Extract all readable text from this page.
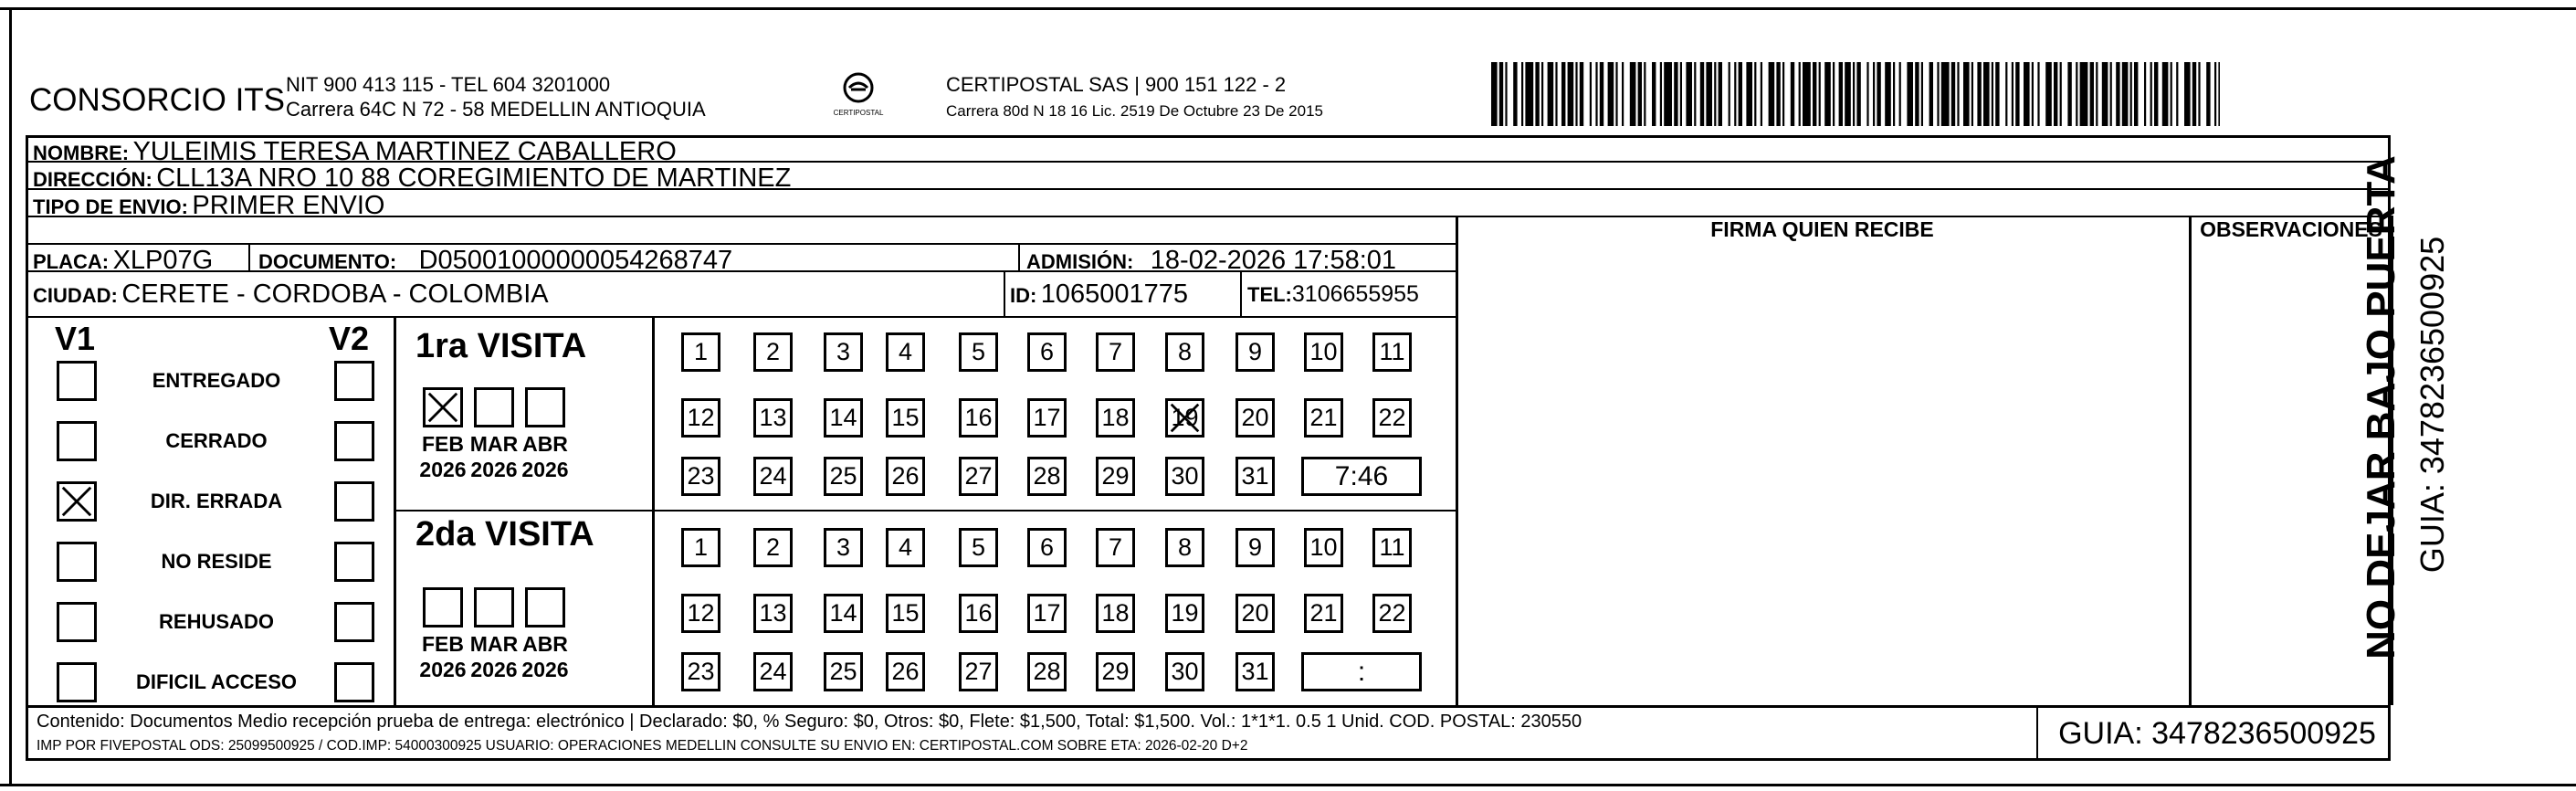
CONSORCIO ITS NIT 900 413 115 - TEL 604 3201000
Carrera 64C N 72 - 58 MEDELLIN ANTIOQUIA	CERTIPOSTAL
CERTIPOSTAL SAS | 900 151 122 - 2
Carrera 80d N 18 16 Lic. 2519 De Octubre 23 De 2015
NOMBRE: YULEIMIS TERESA MARTINEZ CABALLERO
DIRECCIÓN: CLL13A NRO 10 88 COREGIMIENTO DE MARTINEZ
TIPO DE ENVIO: PRIMER ENVIO
FIRMA QUIEN RECIBE	OBSERVACIONES
PLACA: XLP07G DOCUMENTO: D05001000000054268747	ADMISIÓN: 18-02-2026 17:58:01
CIUDAD: CERETE - CORDOBA - COLOMBIA	ID: 1065001775	TEL:3106655955
V1	V2
ENTREGADO
CERRADO
DIR. ERRADA
NO RESIDE
REHUSADO
DIFICIL ACCESO
1ra VISITA
FEB
2026
MAR
2026
ABR
2026
1 2 3 4 5 6 7 8 9 10 11
12 13 14 15 16 17 18 19 20 21 22
23 24 25 26 27 28 29 30 31 7:46
2da VISITA
FEB
2026
MAR
2026
ABR
2026
1 2 3 4 5 6 7 8 9 10 11
12 13 14 15 16 17 18 19 20 21 22
23 24 25 26 27 28 29 30 31	:
Contenido: Documentos Medio recepción prueba de entrega: electrónico | Declarado: $0, % Seguro: $0, Otros: $0, Flete: $1,500, Total: $1,500. Vol.: 1*1*1. 0.5 1 Unid. COD. POSTAL: 230550
IMP POR FIVEPOSTAL ODS: 25099500925 / COD.IMP: 54000300925 USUARIO: OPERACIONES MEDELLIN CONSULTE SU ENVIO EN: CERTIPOSTAL.COM SOBRE ETA: 2026-02-20 D+2	GUIA: 3478236500925
NO DEJAR BAJO PUERTA GUIA: 3478236500925
